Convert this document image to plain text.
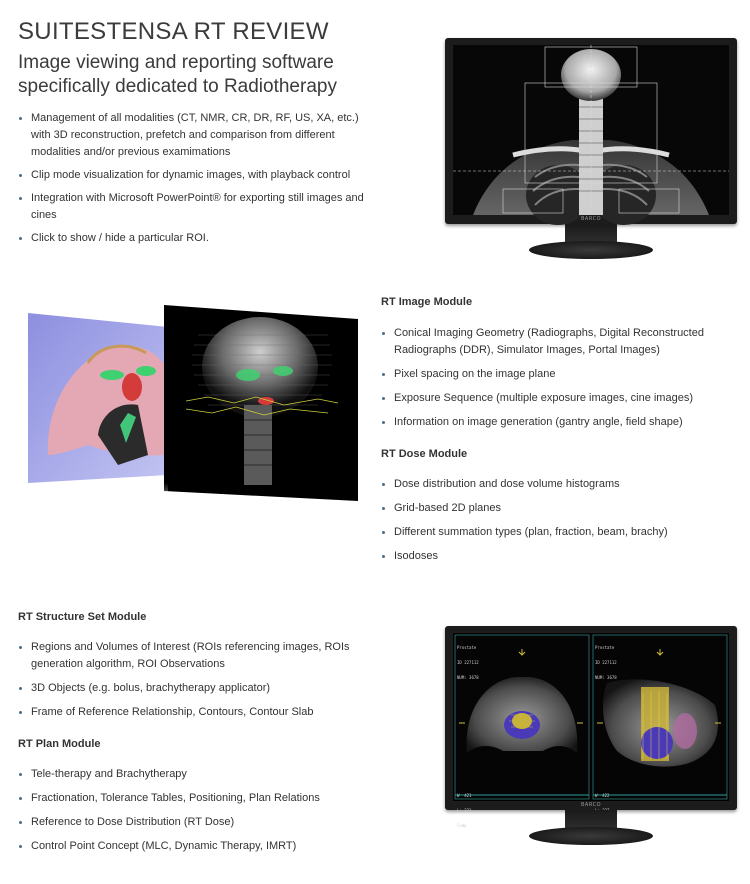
SUITESTENSA RT REVIEW
Image viewing and reporting software specifically dedicated to Radiotherapy
Management of all modalities (CT, NMR, CR, DR, RF, US, XA, etc.) with 3D reconstruction, prefetch and comparison from different modalities and/or previous examimations
Clip mode visualization for dynamic images, with playback control
Integration with Microsoft PowerPoint® for exporting still images and cines
Click to show / hide a particular ROI.
BARCO
RT Image Module
Conical Imaging Geometry (Radiographs, Digital Reconstructed Radiographs (DDR), Simulator Images, Portal Images)
Pixel spacing on the image plane
Exposure Sequence (multiple exposure images, cine images)
Information on image generation (gantry angle, field shape)
RT Dose Module
Dose distribution and dose volume histograms
Grid-based 2D planes
Different summation types (plan, fraction, beam, brachy)
Isodoses
RT Structure Set Module
Regions and Volumes of Interest (ROIs referencing images, ROIs generation algorithm, ROI Observations
3D Objects (e.g. bolus, brachytherapy applicator)
Frame of Reference Relationship, Contours, Contour Slab
RT Plan Module
Tele-therapy and Brachytherapy
Fractionation, Tolerance Tables, Positioning, Plan Relations
Reference to Dose Distribution (RT Dose)
Control Point Concept (MLC, Dynamic Therapy, IMRT)

Prostate

ID 227112

NUM: 3678

W  421

L: 221

Comp

Prostate

ID 227112

NUM: 3678

W  422

BARCO
